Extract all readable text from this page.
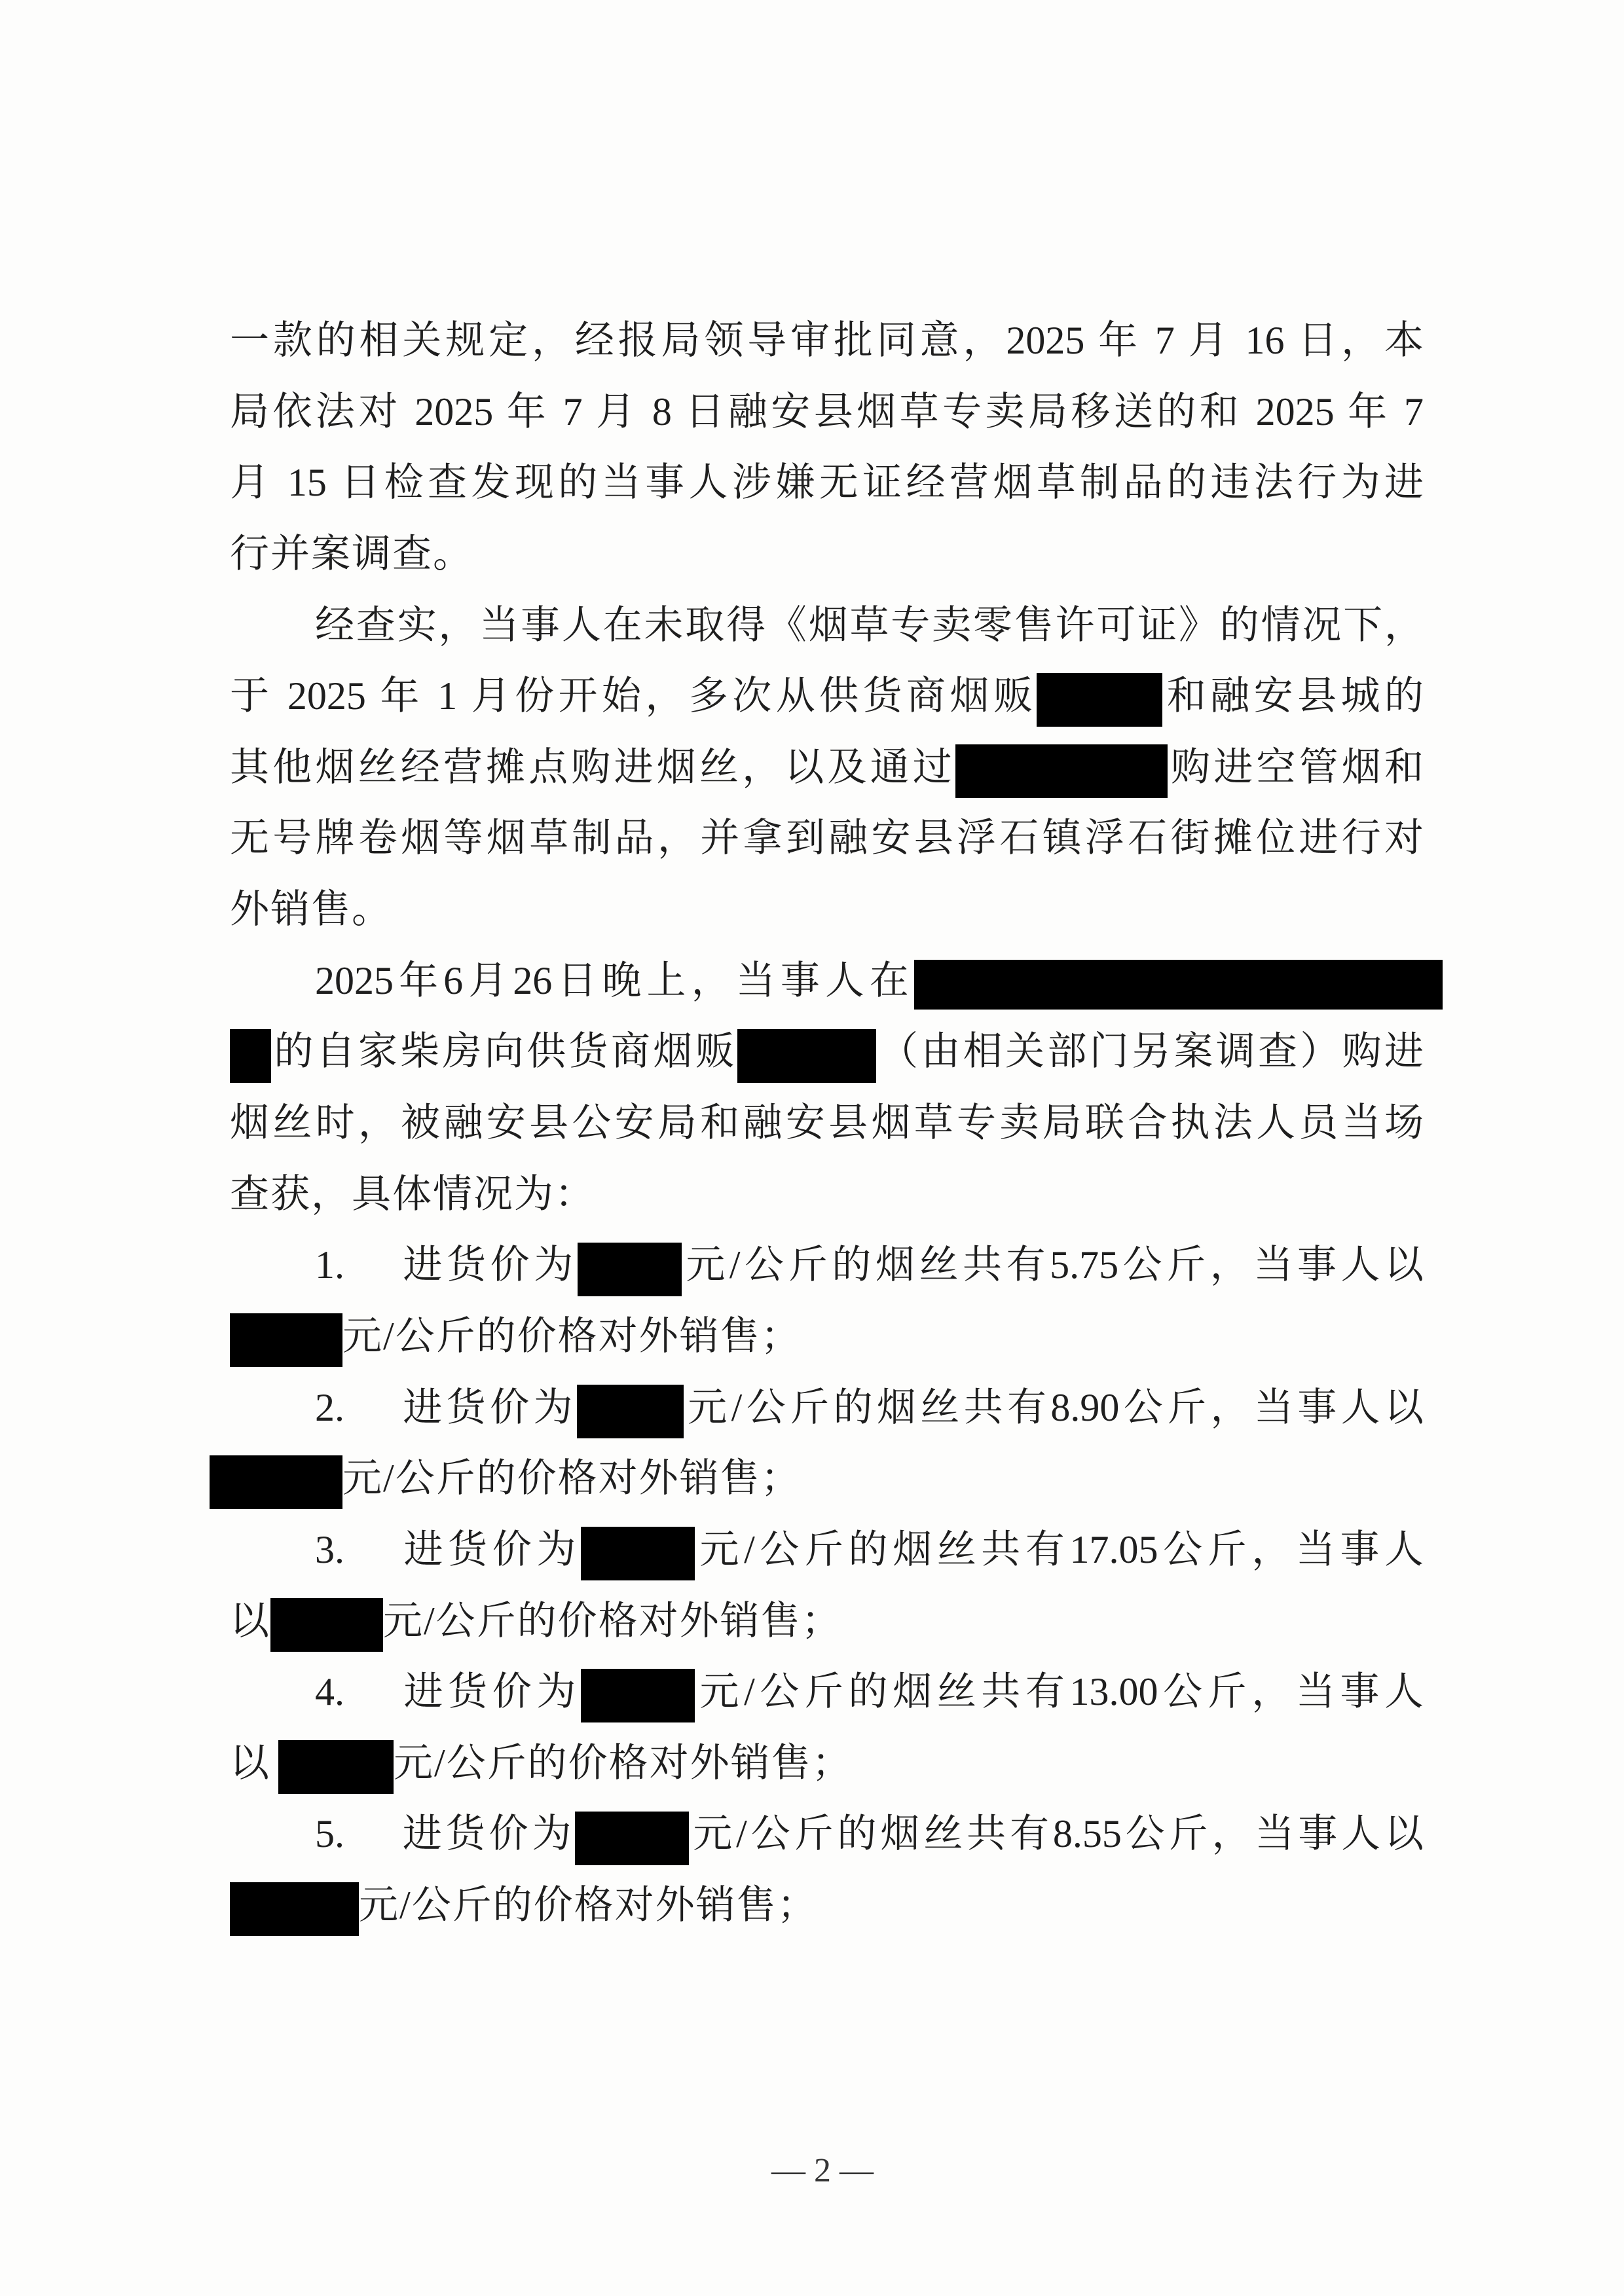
一款的相关规定，经报局领导审批同意，2025 年 7 月 16 日，本
局依法对 2025 年 7 月 8 日融安县烟草专卖局移送的和 2025 年 7
月 15 日检查发现的当事人涉嫌无证经营烟草制品的违法行为进
行并案调查。
经查实，当事人在未取得《烟草专卖零售许可证》的情况下，
于 2025 年 1 月份开始，多次从供货商烟贩	和融安县城的
其他烟丝经营摊点购进烟丝，以及通过	购进空管烟和
无号牌卷烟等烟草制品，并拿到融安县浮石镇浮石街摊位进行对
外销售。
2025年6月26日晚上，当事人在
的自家柴房向供货商烟贩	（由相关部门另案调查）购进
烟丝时，被融安县公安局和融安县烟草专卖局联合执法人员当场
查获，具体情况为：
1. 进货价为	元/公斤的烟丝共有5.75公斤，当事人以
元/公斤的价格对外销售；
2. 进货价为	元/公斤的烟丝共有8.90公斤，当事人以
元/公斤的价格对外销售；
3. 进货价为	元/公斤的烟丝共有17.05公斤，当事人
以	元/公斤的价格对外销售；
4. 进货价为	元/公斤的烟丝共有13.00公斤，当事人
以	元/公斤的价格对外销售；
5. 进货价为	元/公斤的烟丝共有8.55公斤，当事人以
元/公斤的价格对外销售；
— 2 —
